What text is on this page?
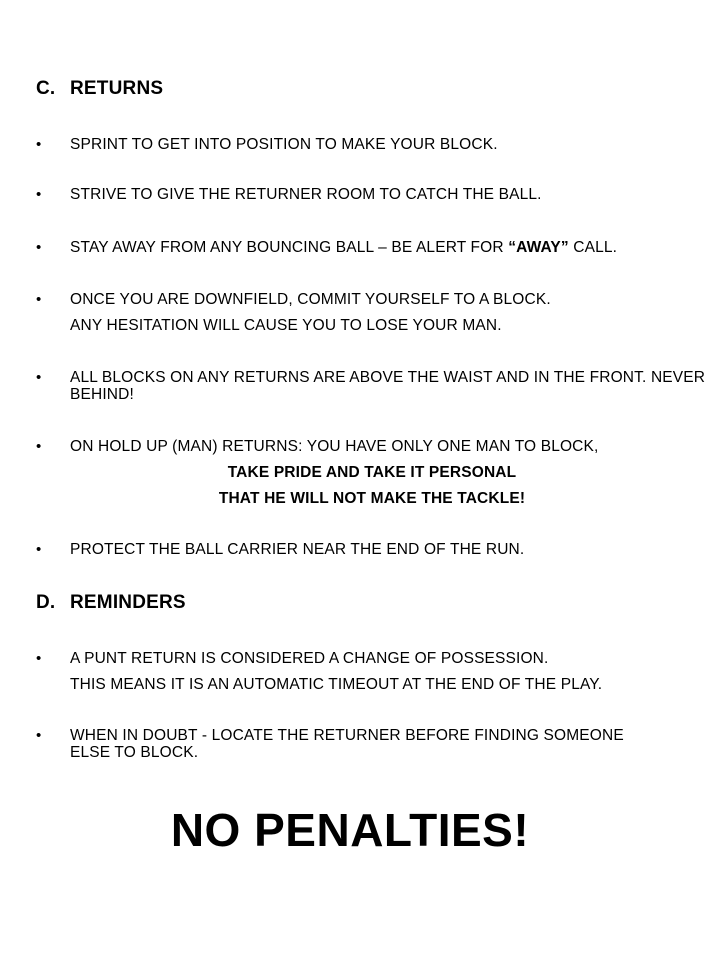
C. RETURNS
• SPRINT TO GET INTO POSITION TO MAKE YOUR BLOCK.
• STRIVE TO GIVE THE RETURNER ROOM TO CATCH THE BALL.
• STAY AWAY FROM ANY BOUNCING BALL – BE ALERT FOR “AWAY” CALL.
• ONCE YOU ARE DOWNFIELD, COMMIT YOURSELF TO A BLOCK.
ANY HESITATION WILL CAUSE YOU TO LOSE YOUR MAN.
• ALL BLOCKS ON ANY RETURNS ARE ABOVE THE WAIST AND IN THE FRONT. NEVER BEHIND!
• ON HOLD UP (MAN) RETURNS: YOU HAVE ONLY ONE MAN TO BLOCK,
TAKE PRIDE AND TAKE IT PERSONAL
THAT HE WILL NOT MAKE THE TACKLE!
• PROTECT THE BALL CARRIER NEAR THE END OF THE RUN.
D. REMINDERS
• A PUNT RETURN IS CONSIDERED A CHANGE OF POSSESSION.
THIS MEANS IT IS AN AUTOMATIC TIMEOUT AT THE END OF THE PLAY.
• WHEN IN DOUBT - LOCATE THE RETURNER BEFORE FINDING SOMEONE ELSE TO BLOCK.
NO PENALTIES!
